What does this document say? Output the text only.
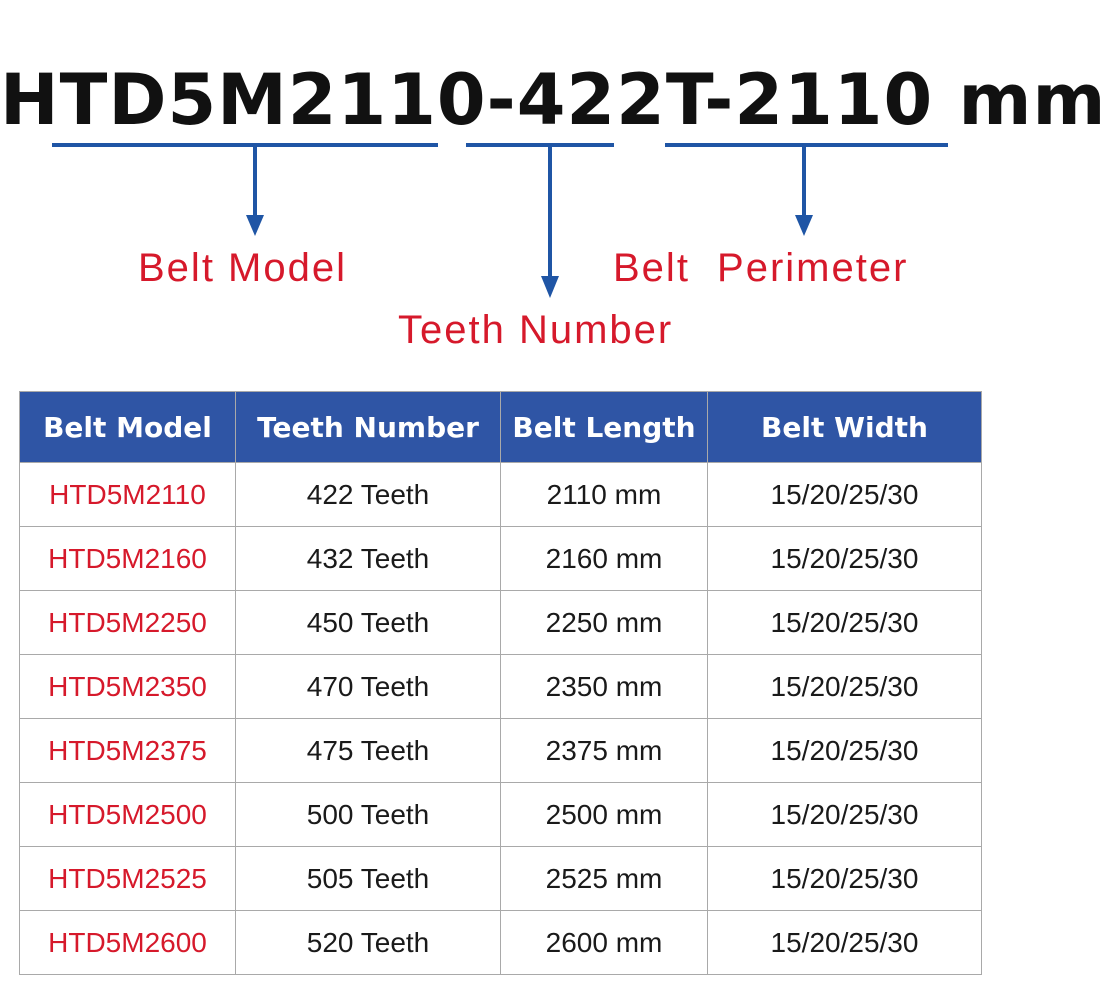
HTD5M2110-422T-2110 mm
Belt Model	Belt Perimeter
Teeth Number
Belt Model	Teeth Number	Belt Length	Belt Width
HTD5M2110	422 Teeth	2110 mm	15/20/25/30
HTD5M2160	432 Teeth	2160 mm	15/20/25/30
HTD5M2250	450 Teeth	2250 mm	15/20/25/30
HTD5M2350	470 Teeth	2350 mm	15/20/25/30
HTD5M2375	475 Teeth	2375 mm	15/20/25/30
HTD5M2500	500 Teeth	2500 mm	15/20/25/30
HTD5M2525	505 Teeth	2525 mm	15/20/25/30
HTD5M2600	520 Teeth	2600 mm	15/20/25/30
